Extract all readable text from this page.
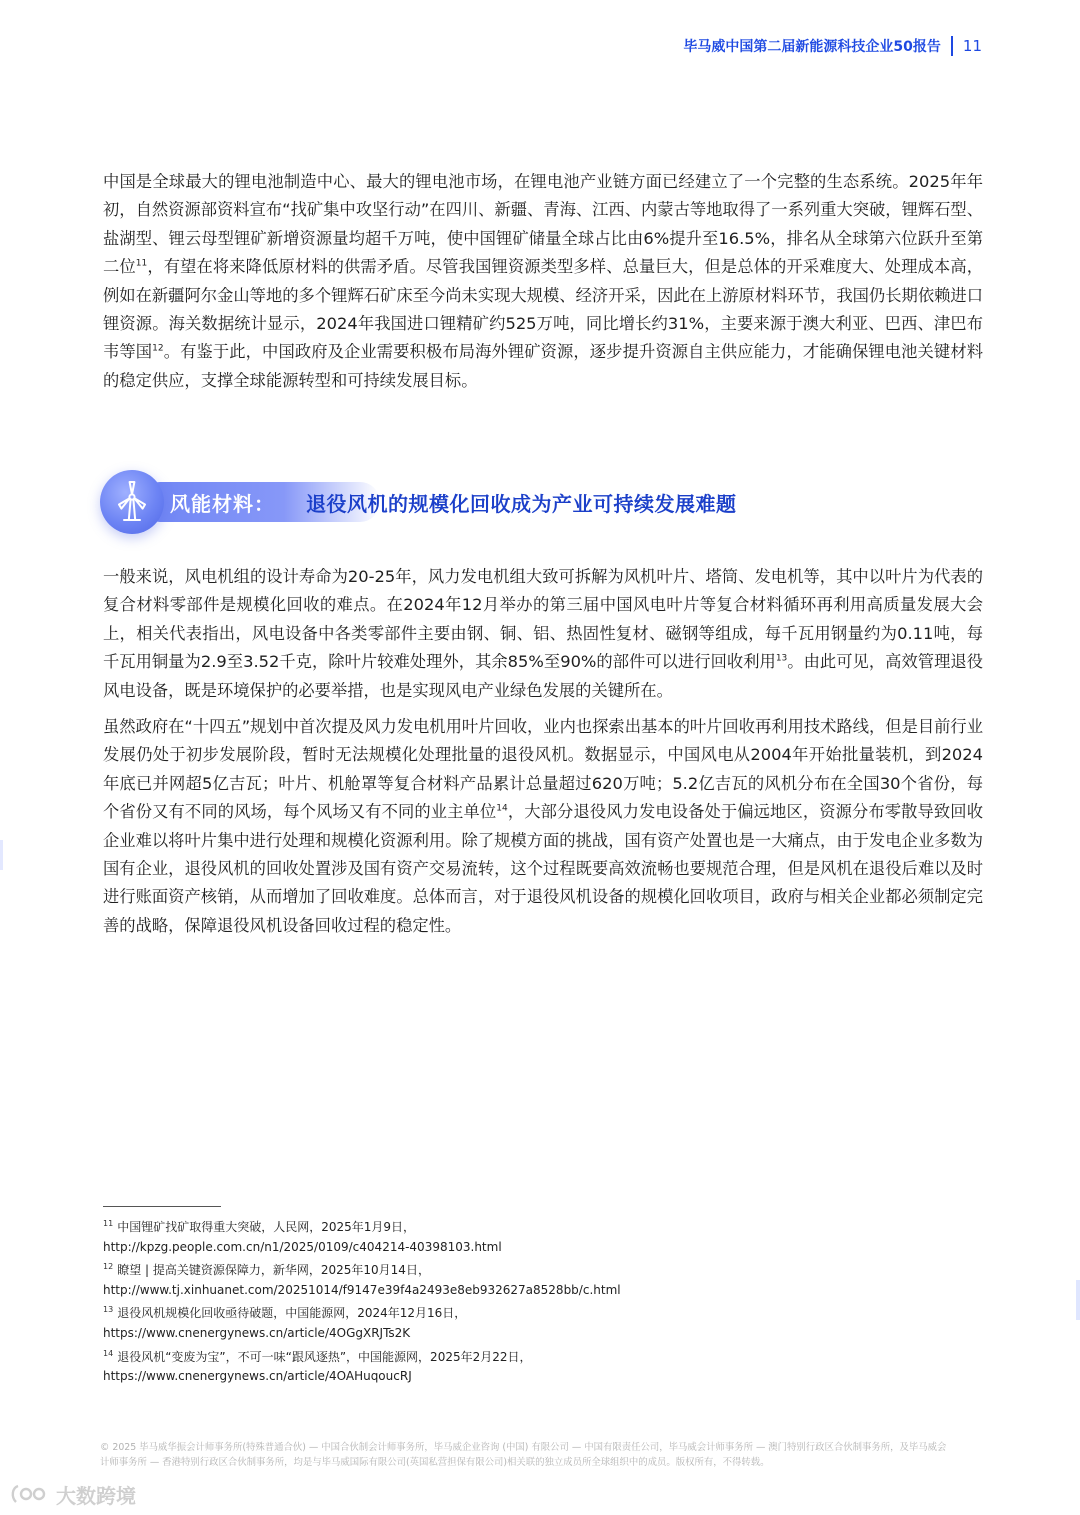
毕马威中国第二届新能源科技企业50报告 11

中国是全球最大的锂电池制造中心、最大的锂电池市场，在锂电池产业链方面已经建立了一个完整的生态系统。2025年年初，自然资源部资料宣布“找矿集中攻坚行动”在四川、新疆、青海、江西、内蒙古等地取得了一系列重大突破，锂辉石型、盐湖型、锂云母型锂矿新增资源量均超千万吨，使中国锂矿储量全球占比由6%提升至16.5%，排名从全球第六位跃升至第二位$^{11}$，有望在将来降低原材料的供需矛盾。尽管我国锂资源类型多样、总量巨大，但是总体的开采难度大、处理成本高，例如在新疆阿尔金山等地的多个锂辉石矿床至今尚未实现大规模、经济开采，因此在上游原材料环节，我国仍长期依赖进口锂资源。海关数据统计显示，2024年我国进口锂精矿约525万吨，同比增长约31%，主要来源于澳大利亚、巴西、津巴布韦等国$^{12}$。有鉴于此，中国政府及企业需要积极布局海外锂矿资源，逐步提升资源自主供应能力，才能确保锂电池关键材料的稳定供应，支撑全球能源转型和可持续发展目标。

风能材料： 退役风机的规模化回收成为产业可持续发展难题

一般来说，风电机组的设计寿命为20-25年，风力发电机组大致可拆解为风机叶片、塔筒、发电机等，其中以叶片为代表的复合材料零部件是规模化回收的难点。在2024年12月举办的第三届中国风电叶片等复合材料循环再利用高质量发展大会上，相关代表指出，风电设备中各类零部件主要由钢、铜、铝、热固性复材、磁钢等组成，每千瓦用钢量约为0.11吨，每千瓦用铜量为2.9至3.52千克，除叶片较难处理外，其余85%至90%的部件可以进行回收利用$^{13}$。由此可见，高效管理退役风电设备，既是环境保护的必要举措，也是实现风电产业绿色发展的关键所在。

虽然政府在“十四五”规划中首次提及风力发电机用叶片回收，业内也探索出基本的叶片回收再利用技术路线，但是目前行业发展仍处于初步发展阶段，暂时无法规模化处理批量的退役风机。数据显示，中国风电从2004年开始批量装机，到2024年底已并网超5亿吉瓦；叶片、机舱罩等复合材料产品累计总量超过620万吨；5.2亿吉瓦的风机分布在全国30个省份，每个省份又有不同的风场，每个风场又有不同的业主单位$^{14}$，大部分退役风力发电设备处于偏远地区，资源分布零散导致回收企业难以将叶片集中进行处理和规模化资源利用。除了规模方面的挑战，国有资产处置也是一大痛点，由于发电企业多数为国有企业，退役风机的回收处置涉及国有资产交易流转，这个过程既要高效流畅也要规范合理，但是风机在退役后难以及时进行账面资产核销，从而增加了回收难度。总体而言，对于退役风机设备的规模化回收项目，政府与相关企业都必须制定完善的战略，保障退役风机设备回收过程的稳定性。

$^{11}$ 中国锂矿找矿取得重大突破，人民网，2025年1月9日，

http://kpzg.people.com.cn/n1/2025/0109/c404214-40398103.html

$^{12}$ 瞭望 | 提高关键资源保障力，新华网，2025年10月14日，

http://www.tj.xinhuanet.com/20251014/f9147e39f4a2493e8eb932627a8528bb/c.html

$^{13}$ 退役风机规模化回收亟待破题，中国能源网，2024年12月16日，

https://www.cnenergynews.cn/article/4OGgXRJTs2K

$^{14}$ 退役风机“变废为宝”，不可一味“跟风逐热”，中国能源网，2025年2月22日，

https://www.cnenergynews.cn/article/4OAHuqoucRJ

© 2025 毕马威华振会计师事务所(特殊普通合伙) — 中国合伙制会计师事务所，毕马威企业咨询 (中国) 有限公司 — 中国有限责任公司，毕马威会计师事务所 — 澳门特别行政区合伙制事务所，及毕马威会计师事务所 — 香港特别行政区合伙制事务所，均是与毕马威国际有限公司(英国私营担保有限公司)相关联的独立成员所全球组织中的成员。版权所有，不得转载。
大数跨境
